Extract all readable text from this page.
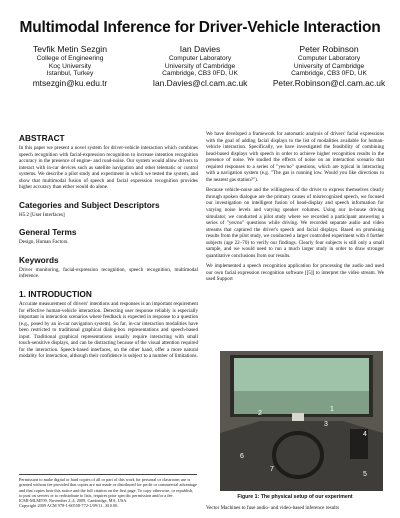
Multimodal Inference for Driver-Vehicle Interaction
Tevfik Metin Sezgin
College of Engineering
Koç University
Istanbul, Turkey
mtsezgin@ku.edu.tr
Ian Davies
Computer Laboratory
University of Cambridge
Cambridge, CB3 0FD, UK
Ian.Davies@cl.cam.ac.uk
Peter Robinson
Computer Laboratory
University of Cambridge
Cambridge, CB3 0FD, UK
Peter.Robinson@cl.cam.ac.uk
ABSTRACT

In this paper we present a novel system for driver-vehicle interaction which combines speech recognition with facial-expression recognition to increase intention recognition accuracy in the presence of engine- and road-noise. Our system would allow drivers to interact with in-car devices such as satellite navigation and other telematic or control systems. We describe a pilot study and experiment in which we tested the system, and show that multimodal fusion of speech and facial expression recognition provides higher accuracy than either would do alone.

Categories and Subject Descriptors

H5.2 [User Interfaces]

General Terms

Design, Human Factors.

Keywords

Driver monitoring, facial-expression recognition, speech recognition, multimodal inference.

1. INTRODUCTION

Accurate measurement of drivers' intentions and responses is an important requirement for effective human-vehicle interaction. Detecting user response reliably is especially important in interaction scenarios where feedback is expected in response to a question (e.g., posed by an in-car navigation system). So far, in-car interaction modalities have been restricted to traditional graphical dialog-box representations and speech-based input. Traditional graphical representations usually require interacting with small touch-sensitive displays, and can be distracting because of the visual attention required for the interaction. Speech-based interfaces, on the other hand, offer a more natural modality for interaction, although their confidence is subject to a number of limitations.

Permission to make digital or hard copies of all or part of this work for personal or classroom use is granted without fee provided that copies are not made or distributed for profit or commercial advantage and that copies bear this notice and the full citation on the first page. To copy otherwise, or republish, to post on servers or to redistribute to lists, requires prior specific permission and/or a fee.
ICMI-MLMI'09, November 2–4, 2009, Cambridge, MA, USA.
Copyright 2009 ACM 978-1-60558-772-1/09/11...$10.00.

We have developed a framework for automatic analysis of drivers' facial expressions with the goal of adding facial displays to the list of modalities available for human-vehicle interaction. Specifically, we have investigated the feasibility of combining head-based displays with speech in order to achieve higher recognition results in the presence of noise. We studied the effects of noise on an interaction scenario that required responses to a series of "yes/no" questions, which are typical in interacting with a navigation system (e.g. "The gas is running low. Would you like directions to the nearest gas station?").

Because vehicle-noise and the willingness of the driver to express themselves clearly through spoken dialogue are the primary causes of misrecognized speech, we focused our investigation on intelligent fusion of head-display and speech information for varying noise levels and varying speaker volumes. Using our in-house driving simulator, we conducted a pilot study where we recorded a participant answering a series of "yes/no" questions while driving. We recorded separate audio and video streams that captured the driver's speech and facial displays. Based on promising results from the pilot study, we conducted a larger controlled experiment with 4 further subjects (age 22–70) to verify our findings. Clearly four subjects is still only a small sample, and we would need to run a much larger study in order to draw stronger quantitative conclusions from our results.

We implemented a speech recognition application for processing the audio and used our own facial expression recognition software [[5]] to interpret the video stream. We used Support

1
2
3
4
5
6
7
Figure 1: The physical setup of our experiment
Vector Machines to fuse audio- and video-based inference results
